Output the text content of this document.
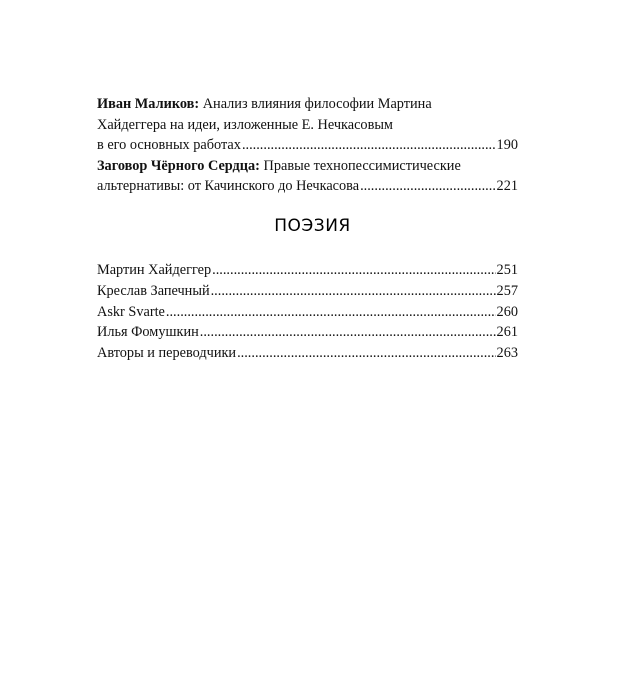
Иван Маликов: Анализ влияния философии Мартина
Хайдеггера на идеи, изложенные Е. Нечкасовым
в его основных работах .....	190
Заговор Чёрного Сердца: Правые технопессимистические
альтернативы: от Качинского до Нечкасова .....	221
ПОЭЗИЯ
Мартин Хайдеггер .....	251
Креслав Запечный .....	257
Askr Svarte .....	260
Илья Фомушкин .....	261
Авторы и переводчики .....	263
